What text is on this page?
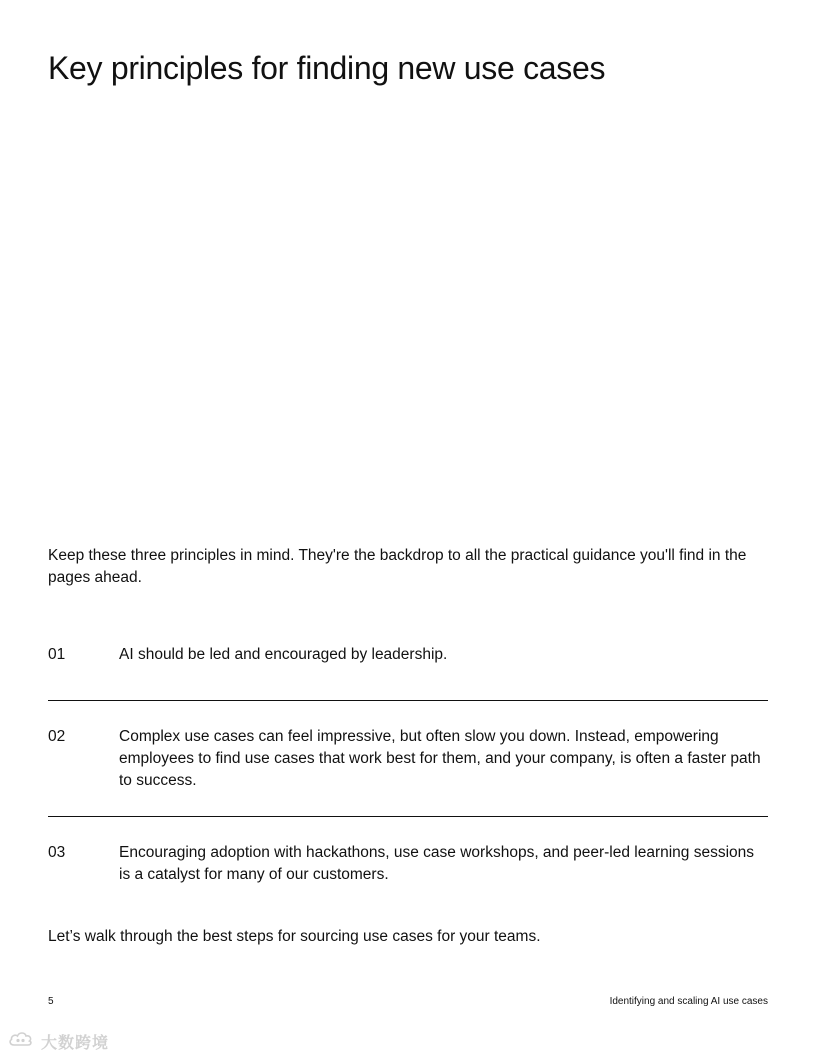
Key principles for finding new use cases

Keep these three principles in mind. They're the backdrop to all the practical guidance you'll find in the pages ahead.

01	AI should be led and encouraged by leadership.
02	Complex use cases can feel impressive, but often slow you down. Instead, empowering employees to find use cases that work best for them, and your company, is often a faster path to success.
03	Encouraging adoption with hackathons, use case workshops, and peer-led learning sessions is a catalyst for many of our customers.

Let’s walk through the best steps for sourcing use cases for your teams.

5	Identifying and scaling AI use cases
大数跨境
